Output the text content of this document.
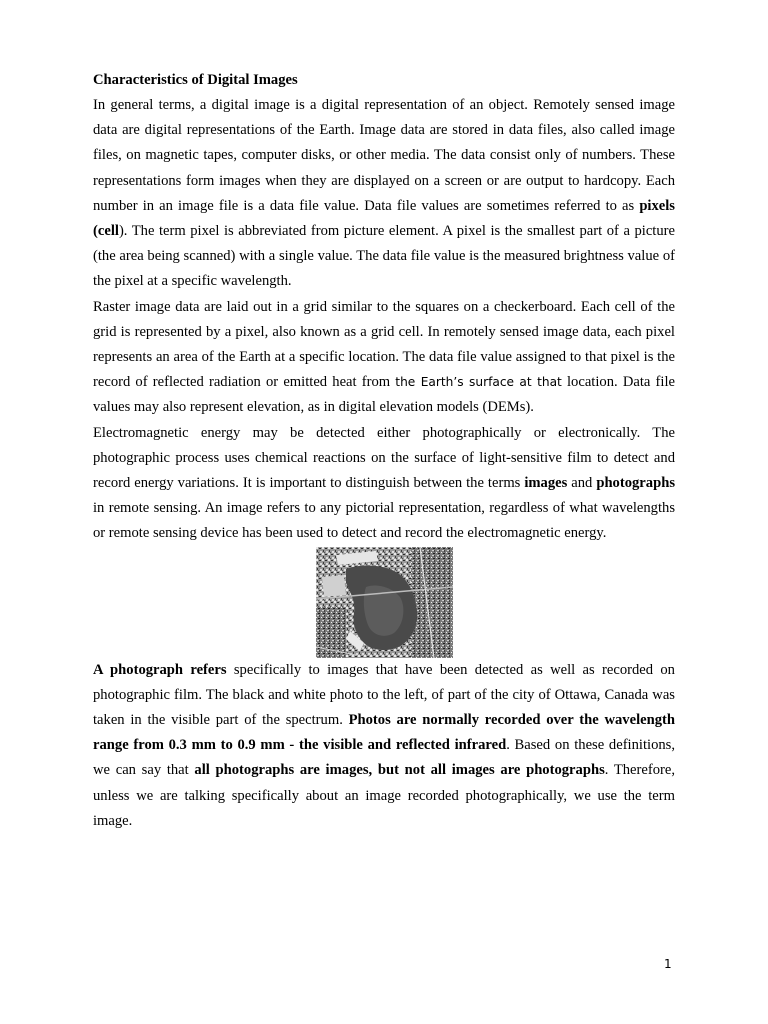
Characteristics of Digital Images

In general terms, a digital image is a digital representation of an object. Remotely sensed image data are digital representations of the Earth. Image data are stored in data files, also called image files, on magnetic tapes, computer disks, or other media. The data consist only of numbers. These representations form images when they are displayed on a screen or are output to hardcopy. Each number in an image file is a data file value. Data file values are sometimes referred to as pixels (cell). The term pixel is abbreviated from picture element. A pixel is the smallest part of a picture (the area being scanned) with a single value. The data file value is the measured brightness value of the pixel at a specific wavelength.

Raster image data are laid out in a grid similar to the squares on a checkerboard. Each cell of the grid is represented by a pixel, also known as a grid cell. In remotely sensed image data, each pixel represents an area of the Earth at a specific location. The data file value assigned to that pixel is the record of reflected radiation or emitted heat from the Earth’s surface at that location. Data file values may also represent elevation, as in digital elevation models (DEMs).

Electromagnetic energy may be detected either photographically or electronically. The photographic process uses chemical reactions on the surface of light-sensitive film to detect and record energy variations. It is important to distinguish between the terms images and photographs in remote sensing. An image refers to any pictorial representation, regardless of what wavelengths or remote sensing device has been used to detect and record the electromagnetic energy.

A photograph refers specifically to images that have been detected as well as recorded on photographic film. The black and white photo to the left, of part of the city of Ottawa, Canada was taken in the visible part of the spectrum. Photos are normally recorded over the wavelength range from 0.3 mm to 0.9 mm - the visible and reflected infrared. Based on these definitions, we can say that all photographs are images, but not all images are photographs. Therefore, unless we are talking specifically about an image recorded photographically, we use the term image.

1
